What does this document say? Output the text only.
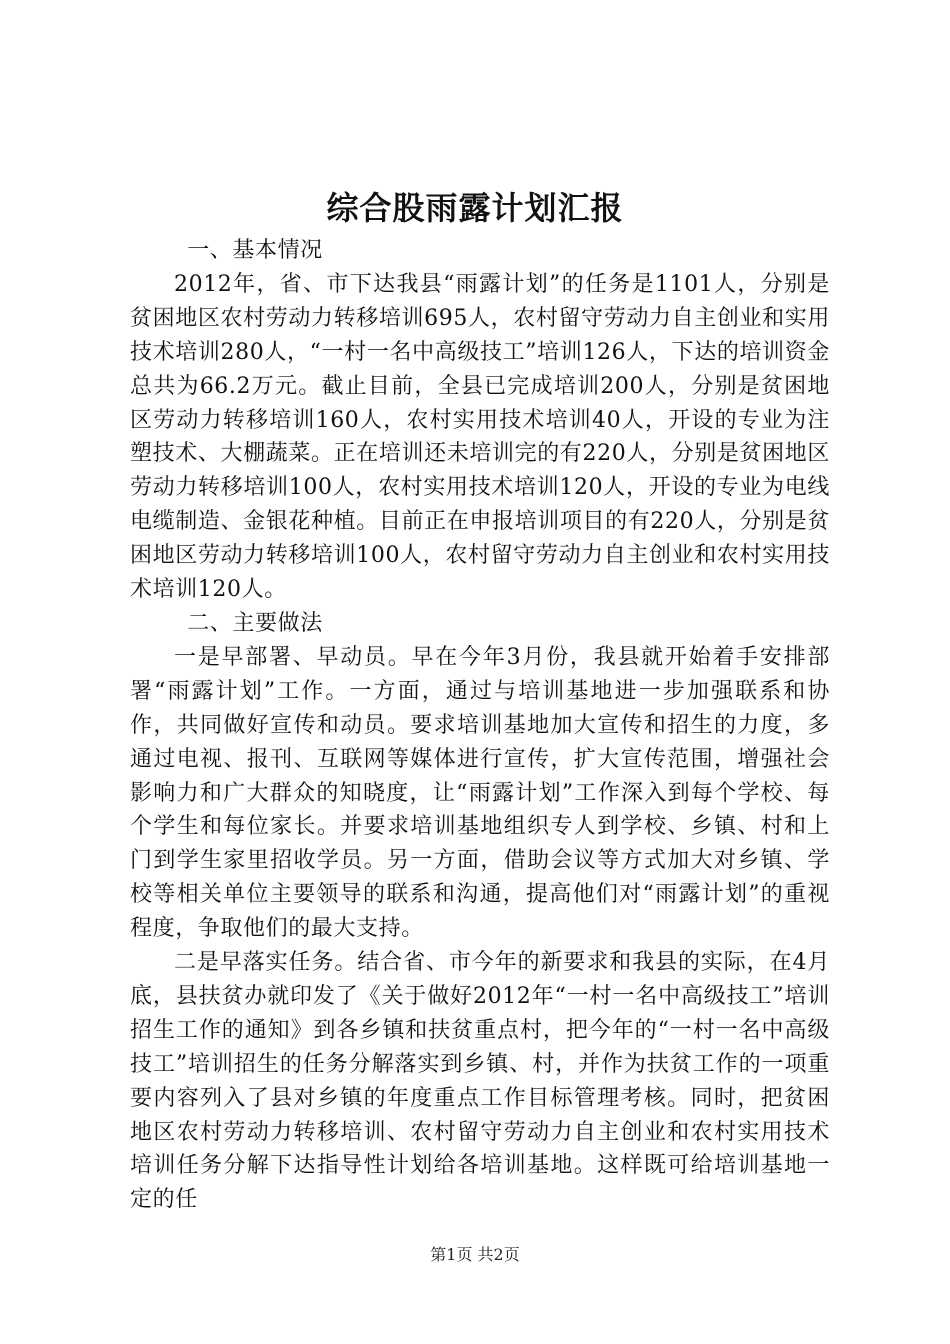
综合股雨露计划汇报

一、基本情况

2012年，省、市下达我县“雨露计划”的任务是1101人，分别是贫困地区农村劳动力转移培训695人，农村留守劳动力自主创业和实用技术培训280人，“一村一名中高级技工”培训126人，下达的培训资金总共为66.2万元。截止目前，全县已完成培训200人，分别是贫困地区劳动力转移培训160人，农村实用技术培训40人，开设的专业为注塑技术、大棚蔬菜。正在培训还未培训完的有220人，分别是贫困地区劳动力转移培训100人，农村实用技术培训120人，开设的专业为电线电缆制造、金银花种植。目前正在申报培训项目的有220人，分别是贫困地区劳动力转移培训100人，农村留守劳动力自主创业和农村实用技术培训120人。

二、主要做法

一是早部署、早动员。早在今年3月份，我县就开始着手安排部署“雨露计划”工作。一方面，通过与培训基地进一步加强联系和协作，共同做好宣传和动员。要求培训基地加大宣传和招生的力度，多通过电视、报刊、互联网等媒体进行宣传，扩大宣传范围，增强社会影响力和广大群众的知晓度，让“雨露计划”工作深入到每个学校、每个学生和每位家长。并要求培训基地组织专人到学校、乡镇、村和上门到学生家里招收学员。另一方面，借助会议等方式加大对乡镇、学校等相关单位主要领导的联系和沟通，提高他们对“雨露计划”的重视程度，争取他们的最大支持。

二是早落实任务。结合省、市今年的新要求和我县的实际，在4月底，县扶贫办就印发了《关于做好2012年“一村一名中高级技工”培训招生工作的通知》到各乡镇和扶贫重点村，把今年的“一村一名中高级技工”培训招生的任务分解落实到乡镇、村，并作为扶贫工作的一项重要内容列入了县对乡镇的年度重点工作目标管理考核。同时，把贫困地区农村劳动力转移培训、农村留守劳动力自主创业和农村实用技术培训任务分解下达指导性计划给各培训基地。这样既可给培训基地一定的任

第1页 共2页
